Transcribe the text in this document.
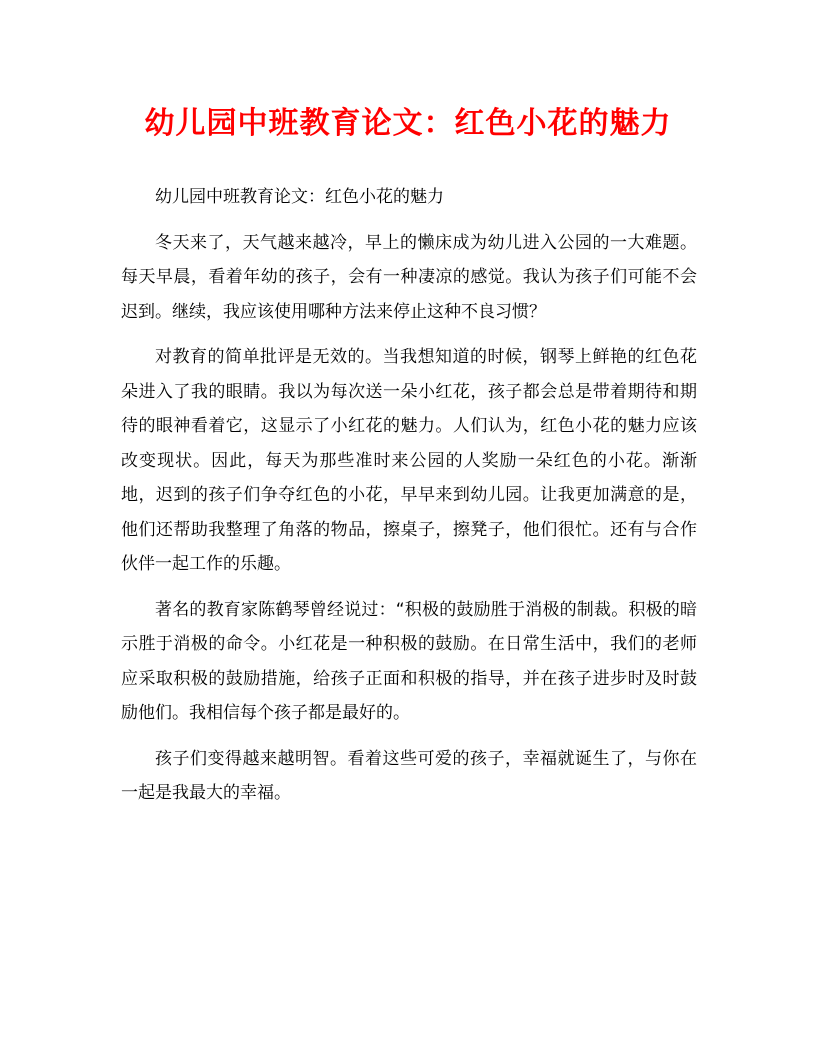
幼儿园中班教育论文：红色小花的魅力

幼儿园中班教育论文：红色小花的魅力

冬天来了，天气越来越冷，早上的懒床成为幼儿进入公园的一大难题。每天早晨，看着年幼的孩子，会有一种凄凉的感觉。我认为孩子们可能不会迟到。继续，我应该使用哪种方法来停止这种不良习惯？

对教育的简单批评是无效的。当我想知道的时候，钢琴上鲜艳的红色花朵进入了我的眼睛。我以为每次送一朵小红花，孩子都会总是带着期待和期待的眼神看着它，这显示了小红花的魅力。人们认为，红色小花的魅力应该改变现状。因此，每天为那些准时来公园的人奖励一朵红色的小花。渐渐地，迟到的孩子们争夺红色的小花，早早来到幼儿园。让我更加满意的是，他们还帮助我整理了角落的物品，擦桌子，擦凳子，他们很忙。还有与合作伙伴一起工作的乐趣。

著名的教育家陈鹤琴曾经说过：“积极的鼓励胜于消极的制裁。积极的暗示胜于消极的命令。小红花是一种积极的鼓励。在日常生活中，我们的老师应采取积极的鼓励措施，给孩子正面和积极的指导，并在孩子进步时及时鼓励他们。我相信每个孩子都是最好的。

孩子们变得越来越明智。看着这些可爱的孩子，幸福就诞生了，与你在一起是我最大的幸福。
